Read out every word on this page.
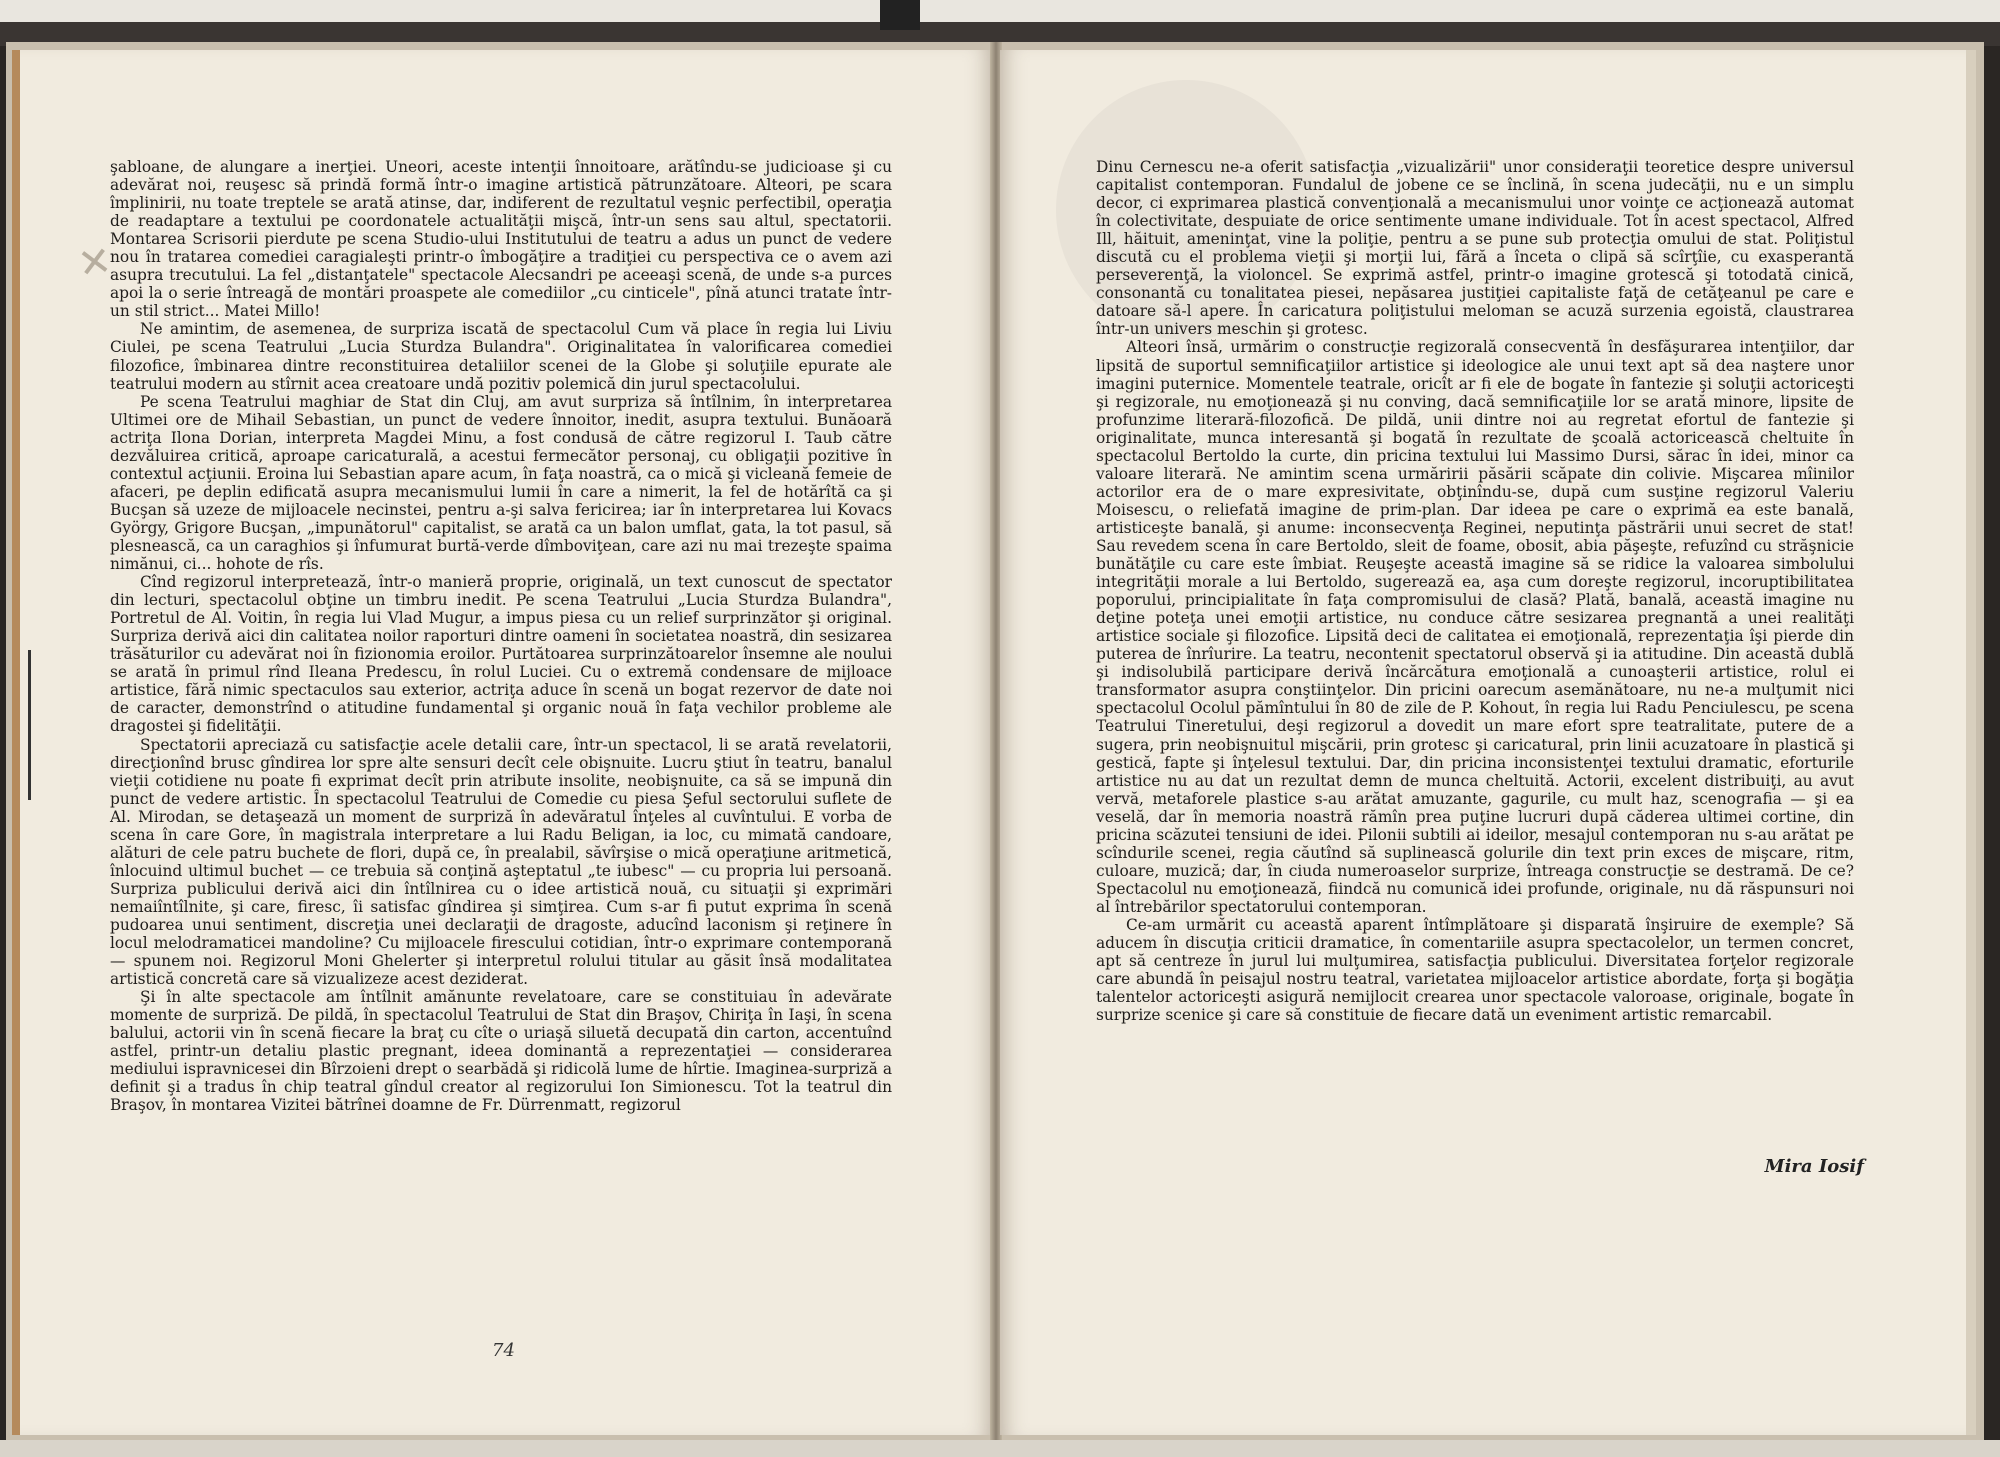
✕

şabloane, de alungare a inerţiei. Uneori, aceste intenţii înnoitoare, arătîndu-se judicioase şi cu adevărat noi, reuşesc să prindă formă într-o imagine artistică pătrunzătoare. Alteori, pe scara împlinirii, nu toate treptele se arată atinse, dar, indiferent de rezultatul veşnic perfectibil, operaţia de readaptare a textului pe coordonatele actualităţii mişcă, într-un sens sau altul, spectatorii. Montarea Scrisorii pierdute pe scena Studio-ului Institutului de teatru a adus un punct de vedere nou în tratarea comediei caragialeşti printr-o îmbogăţire a tradiţiei cu perspectiva ce o avem azi asupra trecutului. La fel „distanţatele" spectacole Alecsandri pe aceeaşi scenă, de unde s-a purces apoi la o serie întreagă de montări proaspete ale comediilor „cu cinticele", pînă atunci tratate într-un stil strict... Matei Millo!

Ne amintim, de asemenea, de surpriza iscată de spectacolul Cum vă place în regia lui Liviu Ciulei, pe scena Teatrului „Lucia Sturdza Bulandra". Originalitatea în valorificarea comediei filozofice, îmbinarea dintre reconstituirea detaliilor scenei de la Globe şi soluţiile epurate ale teatrului modern au stîrnit acea creatoare undă pozitiv polemică din jurul spectacolului.

Pe scena Teatrului maghiar de Stat din Cluj, am avut surpriza să întîlnim, în interpretarea Ultimei ore de Mihail Sebastian, un punct de vedere înnoitor, inedit, asupra textului. Bunăoară actriţa Ilona Dorian, interpreta Magdei Minu, a fost condusă de către regizorul I. Taub către dezvăluirea critică, aproape caricaturală, a acestui fermecător personaj, cu obligaţii pozitive în contextul acţiunii. Eroina lui Sebastian apare acum, în faţa noastră, ca o mică şi vicleană femeie de afaceri, pe deplin edificată asupra mecanismului lumii în care a nimerit, la fel de hotărîtă ca şi Bucşan să uzeze de mijloacele necinstei, pentru a-şi salva fericirea; iar în interpretarea lui Kovacs György, Grigore Bucşan, „impunătorul" capitalist, se arată ca un balon umflat, gata, la tot pasul, să plesnească, ca un caraghios şi înfumurat burtă-verde dîmboviţean, care azi nu mai trezeşte spaima nimănui, ci... hohote de rîs.

Cînd regizorul interpretează, într-o manieră proprie, originală, un text cunoscut de spectator din lecturi, spectacolul obţine un timbru inedit. Pe scena Teatrului „Lucia Sturdza Bulandra", Portretul de Al. Voitin, în regia lui Vlad Mugur, a impus piesa cu un relief surprinzător şi original. Surpriza derivă aici din calitatea noilor raporturi dintre oameni în societatea noastră, din sesizarea trăsăturilor cu adevărat noi în fizionomia eroilor. Purtătoarea surprinzătoarelor însemne ale noului se arată în primul rînd Ileana Predescu, în rolul Luciei. Cu o extremă condensare de mijloace artistice, fără nimic spectaculos sau exterior, actriţa aduce în scenă un bogat rezervor de date noi de caracter, demonstrînd o atitudine fundamental şi organic nouă în faţa vechilor probleme ale dragostei şi fidelităţii.

Spectatorii apreciază cu satisfacţie acele detalii care, într-un spectacol, li se arată revelatorii, direcţionînd brusc gîndirea lor spre alte sensuri decît cele obişnuite. Lucru ştiut în teatru, banalul vieţii cotidiene nu poate fi exprimat decît prin atribute insolite, neobişnuite, ca să se impună din punct de vedere artistic. În spectacolul Teatrului de Comedie cu piesa Şeful sectorului suflete de Al. Mirodan, se detaşează un moment de surpriză în adevăratul înţeles al cuvîntului. E vorba de scena în care Gore, în magistrala interpretare a lui Radu Beligan, ia loc, cu mimată candoare, alături de cele patru buchete de flori, după ce, în prealabil, săvîrşise o mică operaţiune aritmetică, înlocuind ultimul buchet — ce trebuia să conţină aşteptatul „te iubesc" — cu propria lui persoană. Surpriza publicului derivă aici din întîlnirea cu o idee artistică nouă, cu situaţii şi exprimări nemaiîntîlnite, şi care, firesc, îi satisfac gîndirea şi simţirea. Cum s-ar fi putut exprima în scenă pudoarea unui sentiment, discreţia unei declaraţii de dragoste, aducînd laconism şi reţinere în locul melodramaticei mandoline? Cu mijloacele firescului cotidian, într-o exprimare contemporană — spunem noi. Regizorul Moni Ghelerter şi interpretul rolului titular au găsit însă modalitatea artistică concretă care să vizualizeze acest deziderat.

Şi în alte spectacole am întîlnit amănunte revelatoare, care se constituiau în adevărate momente de surpriză. De pildă, în spectacolul Teatrului de Stat din Braşov, Chiriţa în Iaşi, în scena balului, actorii vin în scenă fiecare la braţ cu cîte o uriaşă siluetă decupată din carton, accentuînd astfel, printr-un detaliu plastic pregnant, ideea dominantă a reprezentaţiei — considerarea mediului ispravnicesei din Bîrzoieni drept o searbădă şi ridicolă lume de hîrtie. Imaginea-surpriză a definit şi a tradus în chip teatral gîndul creator al regizorului Ion Simionescu. Tot la teatrul din Braşov, în montarea Vizitei bătrînei doamne de Fr. Dürrenmatt, regizorul

74

Dinu Cernescu ne-a oferit satisfacţia „vizualizării" unor consideraţii teoretice despre universul capitalist contemporan. Fundalul de jobene ce se înclină, în scena judecăţii, nu e un simplu decor, ci exprimarea plastică convenţională a mecanismului unor voinţe ce acţionează automat în colectivitate, despuiate de orice sentimente umane individuale. Tot în acest spectacol, Alfred Ill, hăituit, ameninţat, vine la poliţie, pentru a se pune sub protecţia omului de stat. Poliţistul discută cu el problema vieţii şi morţii lui, fără a înceta o clipă să scîrţîie, cu exasperantă perseverenţă, la violoncel. Se exprimă astfel, printr-o imagine grotescă şi totodată cinică, consonantă cu tonalitatea piesei, nepăsarea justiţiei capitaliste faţă de cetăţeanul pe care e datoare să-l apere. În caricatura poliţistului meloman se acuză surzenia egoistă, claustrarea într-un univers meschin şi grotesc.

Alteori însă, urmărim o construcţie regizorală consecventă în desfăşurarea intenţiilor, dar lipsită de suportul semnificaţiilor artistice şi ideologice ale unui text apt să dea naştere unor imagini puternice. Momentele teatrale, oricît ar fi ele de bogate în fantezie şi soluţii actoriceşti şi regizorale, nu emoţionează şi nu conving, dacă semnificaţiile lor se arată minore, lipsite de profunzime literară-filozofică. De pildă, unii dintre noi au regretat efortul de fantezie şi originalitate, munca interesantă şi bogată în rezultate de şcoală actoricească cheltuite în spectacolul Bertoldo la curte, din pricina textului lui Massimo Dursi, sărac în idei, minor ca valoare literară. Ne amintim scena urmăririi păsării scăpate din colivie. Mişcarea mîinilor actorilor era de o mare expresivitate, obţinîndu-se, după cum susţine regizorul Valeriu Moisescu, o reliefată imagine de prim-plan. Dar ideea pe care o exprimă ea este banală, artisticeşte banală, şi anume: inconsecvenţa Reginei, neputinţa păstrării unui secret de stat! Sau revedem scena în care Bertoldo, sleit de foame, obosit, abia păşeşte, refuzînd cu străşnicie bunătăţile cu care este îmbiat. Reuşeşte această imagine să se ridice la valoarea simbolului integrităţii morale a lui Bertoldo, sugerează ea, aşa cum doreşte regizorul, incoruptibilitatea poporului, principialitate în faţa compromisului de clasă? Plată, banală, această imagine nu deţine poteţa unei emoţii artistice, nu conduce către sesizarea pregnantă a unei realităţi artistice sociale şi filozofice. Lipsită deci de calitatea ei emoţională, reprezentaţia îşi pierde din puterea de înrîurire. La teatru, necontenit spectatorul observă şi ia atitudine. Din această dublă şi indisolubilă participare derivă încărcătura emoţională a cunoaşterii artistice, rolul ei transformator asupra conştiinţelor. Din pricini oarecum asemănătoare, nu ne-a mulţumit nici spectacolul Ocolul pămîntului în 80 de zile de P. Kohout, în regia lui Radu Penciulescu, pe scena Teatrului Tineretului, deşi regizorul a dovedit un mare efort spre teatralitate, putere de a sugera, prin neobişnuitul mişcării, prin grotesc şi caricatural, prin linii acuzatoare în plastică şi gestică, fapte şi înţelesul textului. Dar, din pricina inconsistenţei textului dramatic, eforturile artistice nu au dat un rezultat demn de munca cheltuită. Actorii, excelent distribuiţi, au avut vervă, metaforele plastice s-au arătat amuzante, gagurile, cu mult haz, scenografia — şi ea veselă, dar în memoria noastră rămîn prea puţine lucruri după căderea ultimei cortine, din pricina scăzutei tensiuni de idei. Pilonii subtili ai ideilor, mesajul contemporan nu s-au arătat pe scîndurile scenei, regia căutînd să suplinească golurile din text prin exces de mişcare, ritm, culoare, muzică; dar, în ciuda numeroaselor surprize, întreaga construcţie se destramă. De ce? Spectacolul nu emoţionează, fiindcă nu comunică idei profunde, originale, nu dă răspunsuri noi al întrebărilor spectatorului contemporan.

Ce-am urmărit cu această aparent întîmplătoare şi disparată înşiruire de exemple? Să aducem în discuţia criticii dramatice, în comentariile asupra spectacolelor, un termen concret, apt să centreze în jurul lui mulţumirea, satisfacţia publicului. Diversitatea forţelor regizorale care abundă în peisajul nostru teatral, varietatea mijloacelor artistice abordate, forţa şi bogăţia talentelor actoriceşti asigură nemijlocit crearea unor spectacole valoroase, originale, bogate în surprize scenice şi care să constituie de fiecare dată un eveniment artistic remarcabil.

Mira Iosif
